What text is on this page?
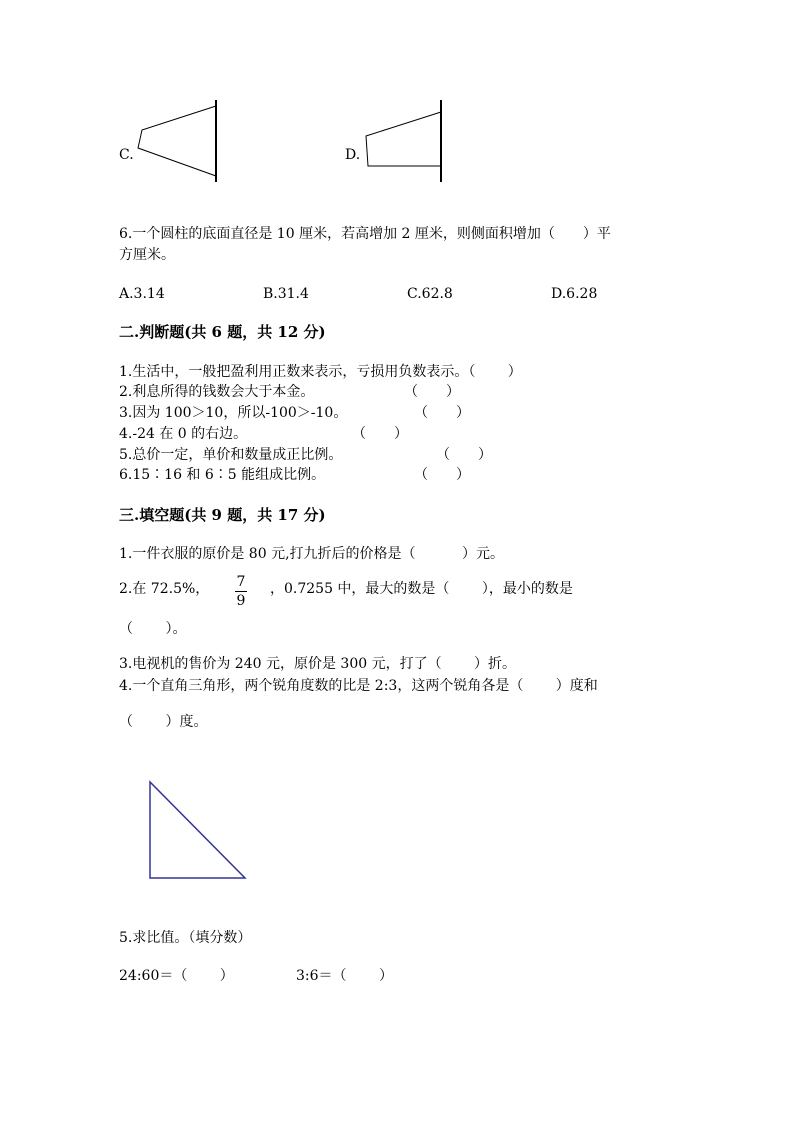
C.	D.
6.一个圆柱的底面直径是 10 厘米，若高增加 2 厘米，则侧面积增加（　　）平
方厘米。
A.3.14	B.31.4	C.62.8	D.6.28
二.判断题(共 6 题，共 12 分)
1.生活中，一般把盈利用正数来表示，亏损用负数表示。（　　 ）
2.利息所得的钱数会大于本金。	（　　）
3.因为 100＞10，所以-100＞-10。	（　　）
4.-24 在 0 的右边。	（　　）
5.总价一定，单价和数量成正比例。	（　　）
6.15∶16 和 6∶5 能组成比例。	（　　）
三.填空题(共 9 题，共 17 分)
1.一件衣服的原价是 80 元,打九折后的价格是（　　　 ）元。
2.在 72.5%， 7
9
，0.7255 中，最大的数是（　　 ），最小的数是
（　　 ）。
3.电视机的售价为 240 元，原价是 300 元，打了（　　 ）折。
4.一个直角三角形，两个锐角度数的比是 2:3，这两个锐角各是（　　 ）度和
（　　 ）度。
5.求比值。（填分数）
24:60＝（　　 ）	3:6＝（　　 ）
